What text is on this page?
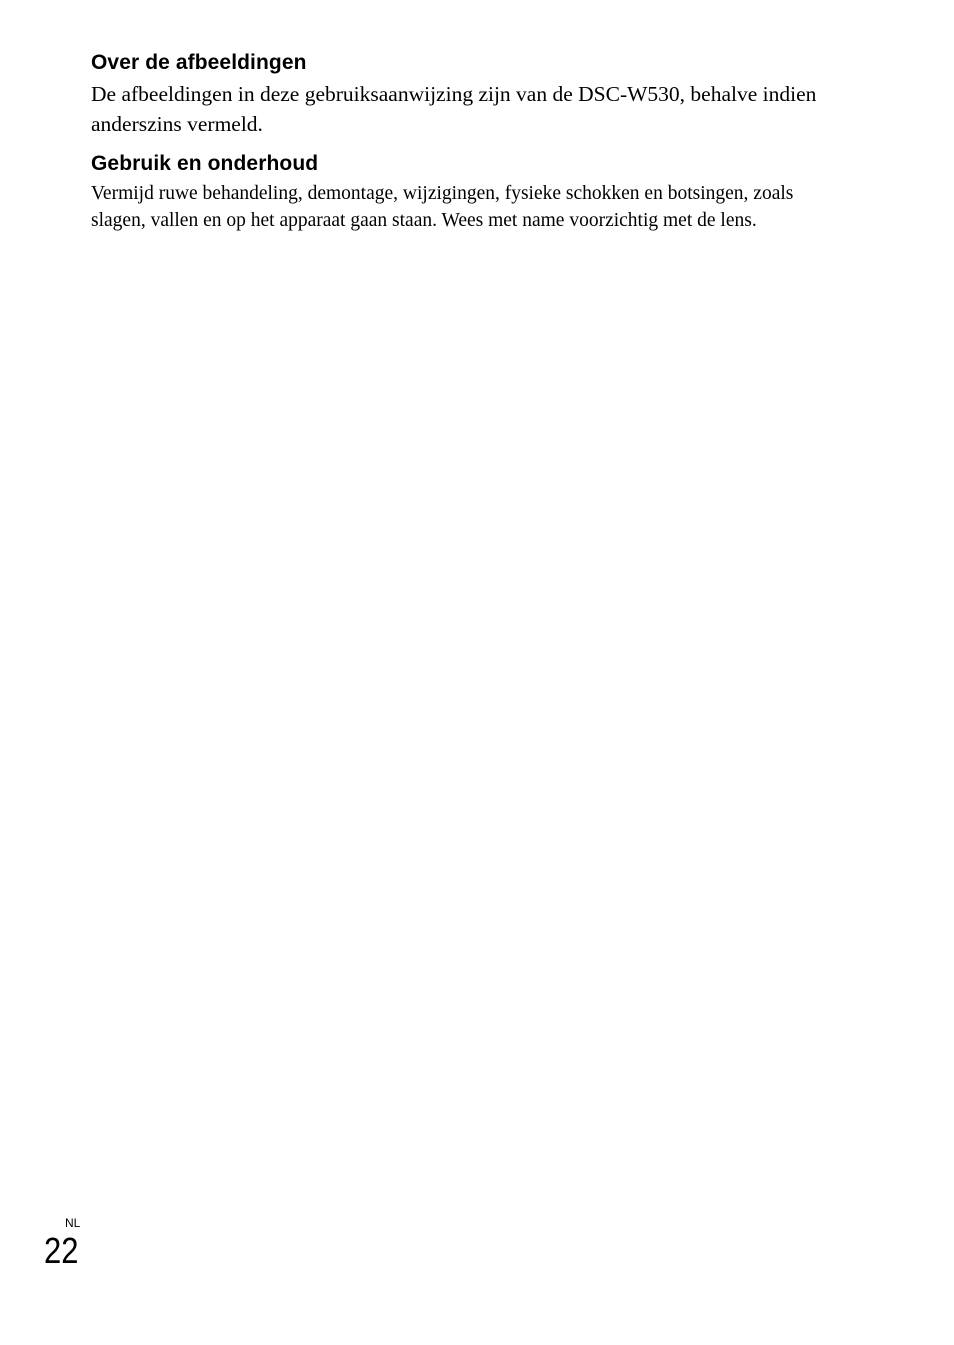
Over de afbeeldingen

De afbeeldingen in deze gebruiksaanwijzing zijn van de DSC-W530, behalve indien anderszins vermeld.

Gebruik en onderhoud

Vermijd ruwe behandeling, demontage, wijzigingen, fysieke schokken en botsingen, zoals slagen, vallen en op het apparaat gaan staan. Wees met name voorzichtig met de lens.

NL
22
